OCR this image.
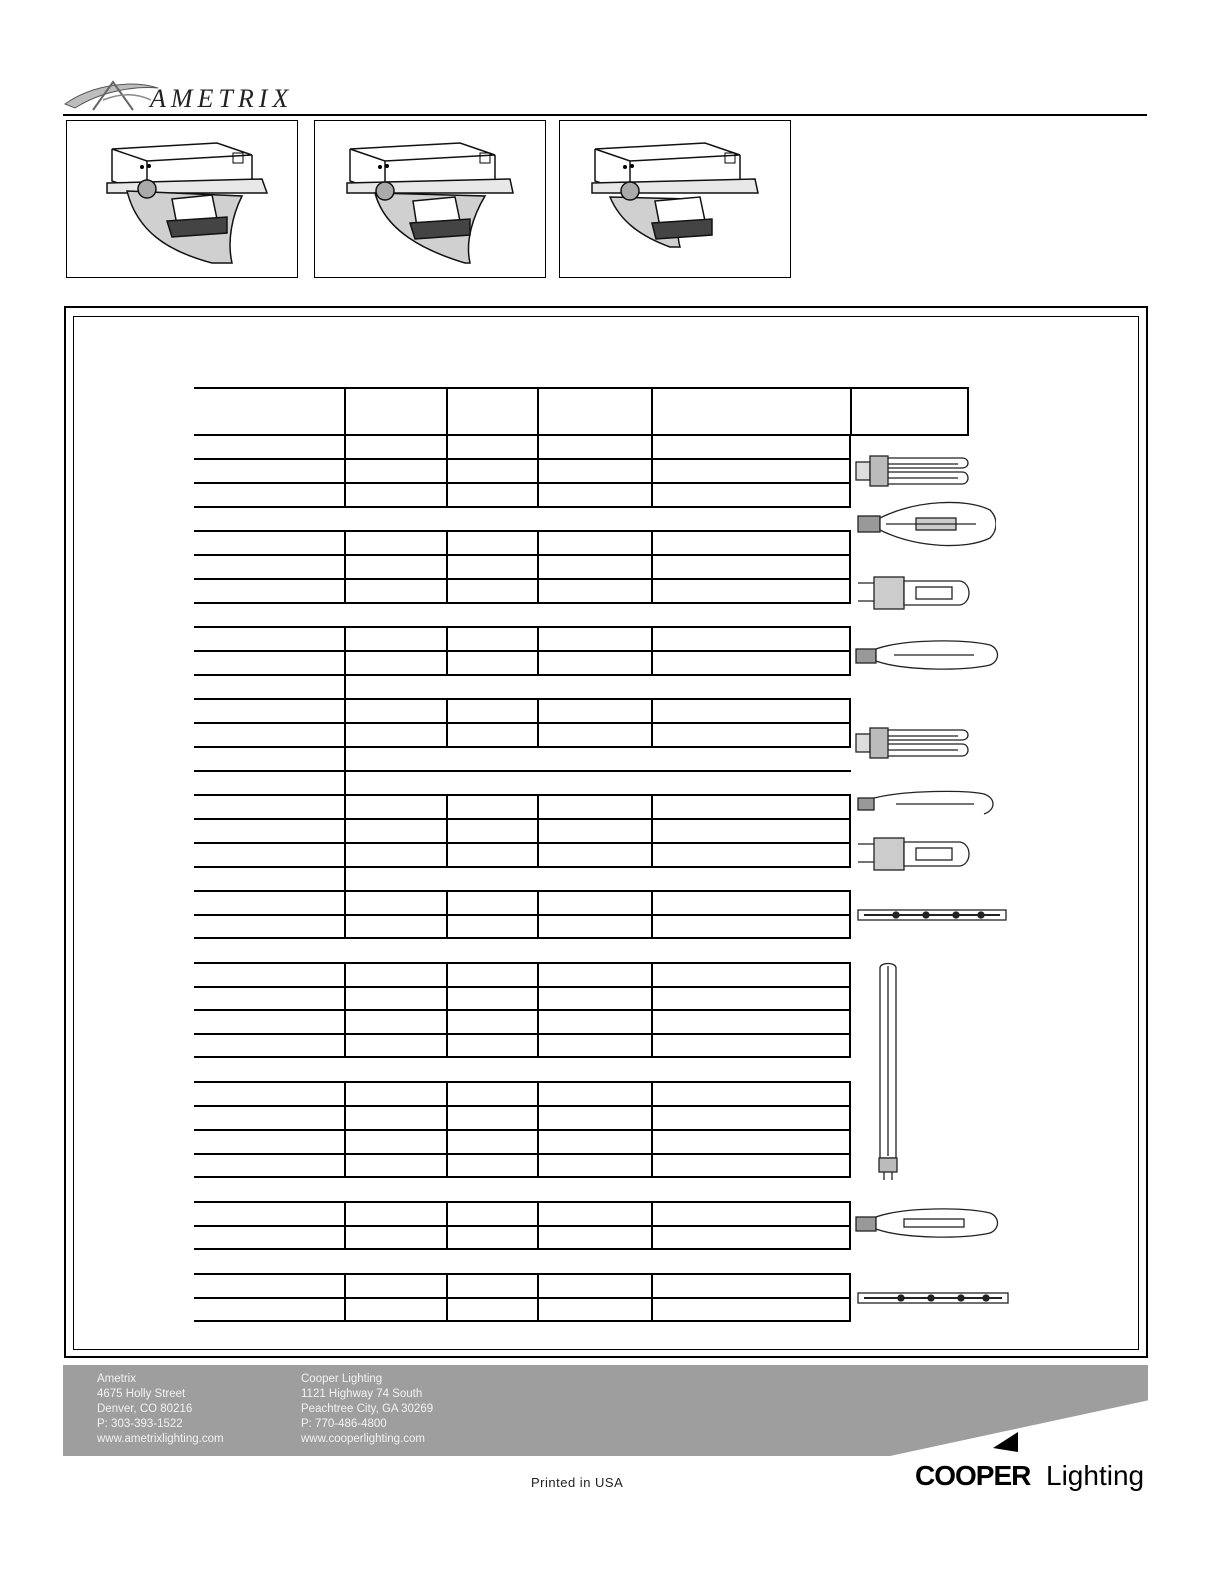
AMETRIX
Ametrix
4675 Holly Street
Denver, CO 80216
P: 303-393-1522
www.ametrixlighting.com
Cooper Lighting
1121 Highway 74 South
Peachtree City, GA 30269
P: 770-486-4800
www.cooperlighting.com
Printed in USA	COOPER Lighting
